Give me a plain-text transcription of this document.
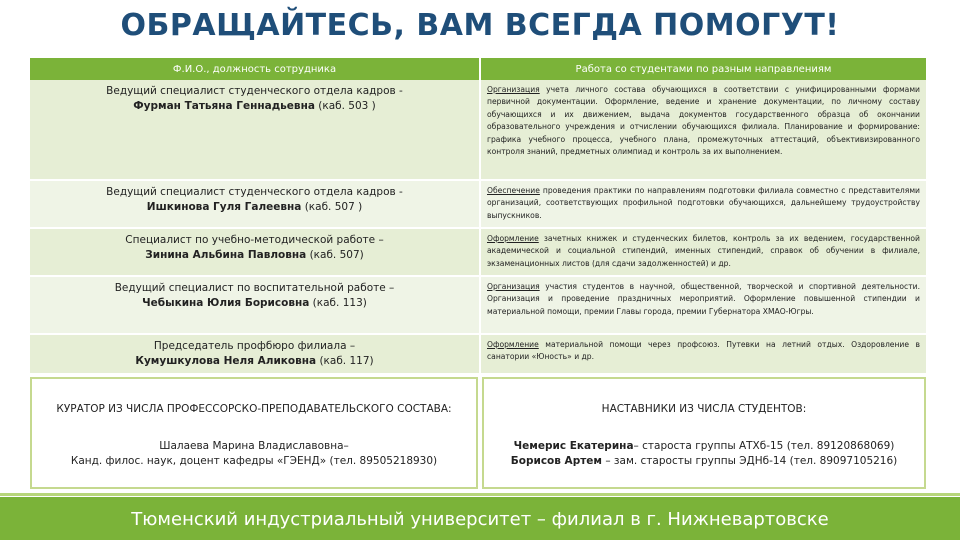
ОБРАЩАЙТЕСЬ, ВАМ ВСЕГДА ПОМОГУТ!
Ф.И.О., должность сотрудника	Работа со студентами по разным направлениям
Ведущий специалист студенческого отдела кадров -
Фурман Татьяна Геннадьевна (каб. 503 )	Организация учета личного состава обучающихся в соответствии с унифицированными формами первичной документации. Оформление, ведение и хранение документации, по личному составу обучающихся и их движением, выдача документов государственного образца об окончании образовательного учреждения и отчислении обучающихся филиала. Планирование и формирование: графика учебного процесса, учебного плана, промежуточных аттестаций, объективизированного контроля знаний, предметных олимпиад и контроль за их выполнением.
Ведущий специалист студенческого отдела кадров -
Ишкинова Гуля Галеевна (каб. 507 )	Обеспечение проведения практики по направлениям подготовки филиала совместно с представителями организаций, соответствующих профильной подготовки обучающихся, дальнейшему трудоустройству выпускников.
Специалист по учебно-методической работе –
Зинина Альбина Павловна (каб. 507)	Оформление зачетных книжек и студенческих билетов, контроль за их ведением, государственной академической и социальной стипендий, именных стипендий, справок об обучении в филиале, экзаменационных листов (для сдачи задолженностей) и др.
Ведущий специалист по воспитательной работе –
Чебыкина Юлия Борисовна (каб. 113)	Организация участия студентов в научной, общественной, творческой и спортивной деятельности. Организация и проведение праздничных мероприятий. Оформление повышенной стипендии и материальной помощи, премии Главы города, премии Губернатора ХМАО-Югры.
Председатель профбюро филиала –
Кумушкулова Неля Аликовна (каб. 117)	Оформление материальной помощи через профсоюз. Путевки на летний отдых. Оздоровление в санатории «Юность» и др.
КУРАТОР ИЗ ЧИСЛА ПРОФЕССОРСКО-ПРЕПОДАВАТЕЛЬСКОГО СОСТАВА:
Шалаева Марина Владиславовна–
Канд. филос. наук, доцент кафедры «ГЭЕНД» (тел. 89505218930)
НАСТАВНИКИ ИЗ ЧИСЛА СТУДЕНТОВ:
Чемерис Екатерина– староста группы АТХб-15 (тел. 89120868069)
Борисов Артем – зам. старосты группы ЭДНб-14 (тел. 89097105216)
Тюменский индустриальный университет – филиал в г. Нижневартовске
